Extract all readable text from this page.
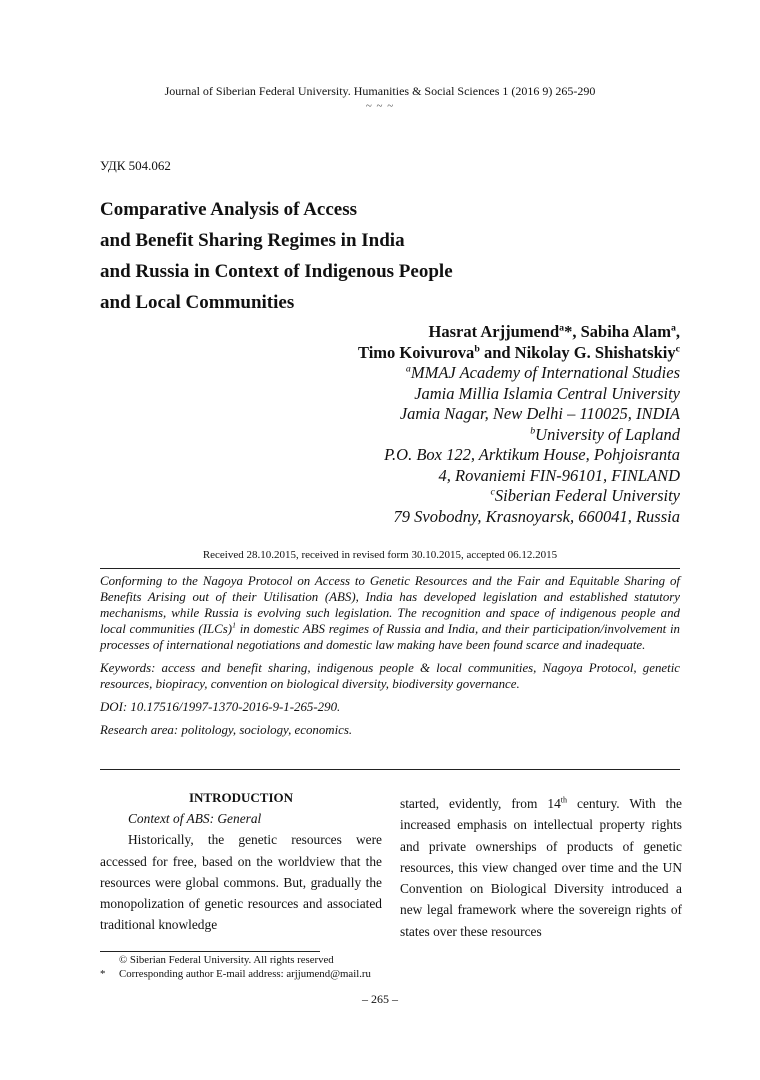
Journal of Siberian Federal University. Humanities & Social Sciences 1 (2016 9) 265-290
~ ~ ~
УДК 504.062
Comparative Analysis of Access
and Benefit Sharing Regimes in India
and Russia in Context of Indigenous People
and Local Communities
Hasrat Arjjumend$^a$*, Sabiha Alam$^a$,
Timo Koivurova$^b$ and Nikolay G. Shishatskiy$^c$
$^a$MMAJ Academy of International Studies
Jamia Millia Islamia Central University
Jamia Nagar, New Delhi – 110025, INDIA
$^b$University of Lapland
P.O. Box 122, Arktikum House, Pohjoisranta
4, Rovaniemi FIN-96101, FINLAND
$^c$Siberian Federal University
79 Svobodny, Krasnoyarsk, 660041, Russia
Received 28.10.2015, received in revised form 30.10.2015, accepted 06.12.2015

Conforming to the Nagoya Protocol on Access to Genetic Resources and the Fair and Equitable Sharing of Benefits Arising out of their Utilisation (ABS), India has developed legislation and established statutory mechanisms, while Russia is evolving such legislation. The recognition and space of indigenous people and local communities (ILCs)$^1$ in domestic ABS regimes of Russia and India, and their participation/involvement in processes of international negotiations and domestic law making have been found scarce and inadequate.

Keywords: access and benefit sharing, indigenous people & local communities, Nagoya Protocol, genetic resources, biopiracy, convention on biological diversity, biodiversity governance.

DOI: 10.17516/1997-1370-2016-9-1-265-290.

Research area: politology, sociology, economics.

INTRODUCTION
Context of ABS: General

Historically, the genetic resources were accessed for free, based on the worldview that the resources were global commons. But, gradually the monopolization of genetic resources and associated traditional knowledge

started, evidently, from 14th century. With the increased emphasis on intellectual property rights and private ownerships of products of genetic resources, this view changed over time and the UN Convention on Biological Diversity introduced a new legal framework where the sovereign rights of states over these resources

© Siberian Federal University. All rights reserved
* Corresponding author E-mail address: arjjumend@mail.ru
– 265 –
